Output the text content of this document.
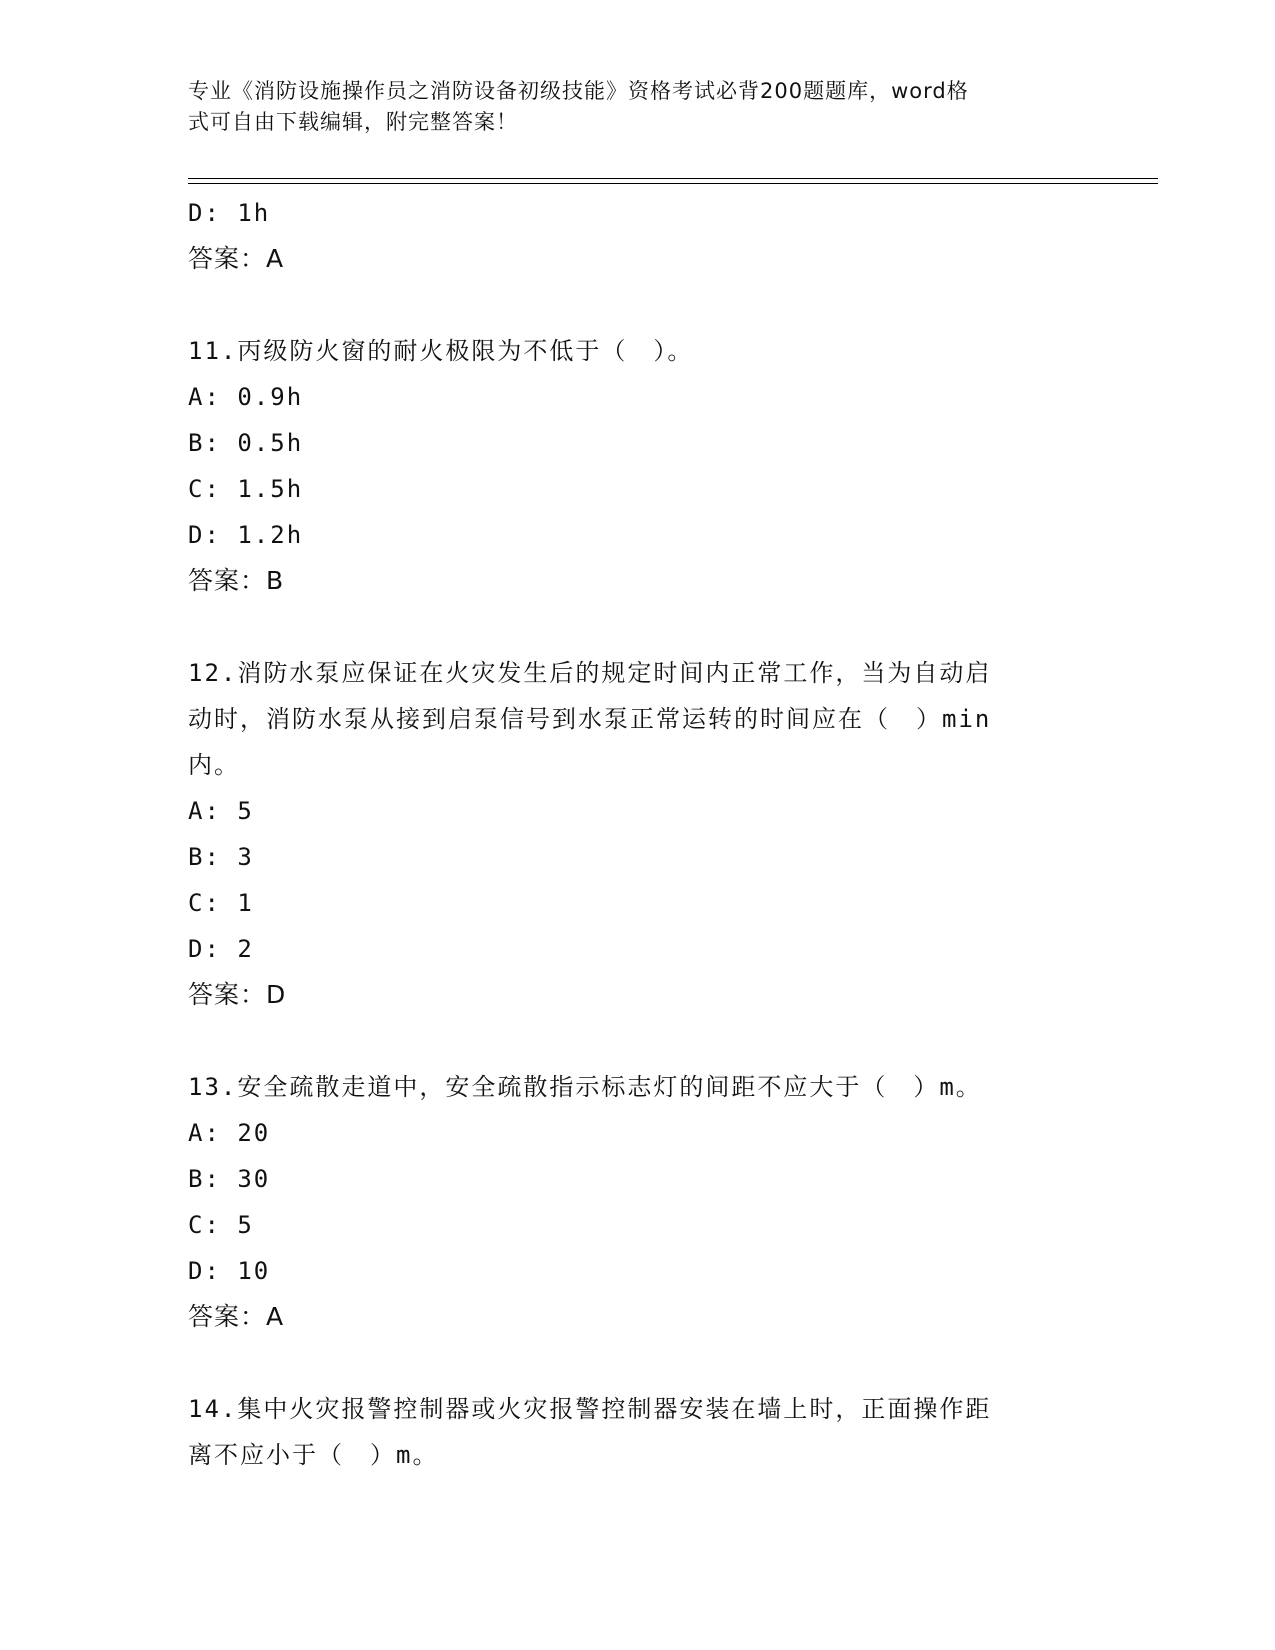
专业《消防设施操作员之消防设备初级技能》资格考试必背200题题库，word格
式可自由下载编辑，附完整答案！
D: 1h
答案：A
11.丙级防火窗的耐火极限为不低于（　）。
A: 0.9h
B: 0.5h
C: 1.5h
D: 1.2h
答案：B
12.消防水泵应保证在火灾发生后的规定时间内正常工作，当为自动启
动时，消防水泵从接到启泵信号到水泵正常运转的时间应在（　）min
内。
A: 5
B: 3
C: 1
D: 2
答案：D
13.安全疏散走道中，安全疏散指示标志灯的间距不应大于（　）m。
A: 20
B: 30
C: 5
D: 10
答案：A
14.集中火灾报警控制器或火灾报警控制器安装在墙上时，正面操作距
离不应小于（　）m。
